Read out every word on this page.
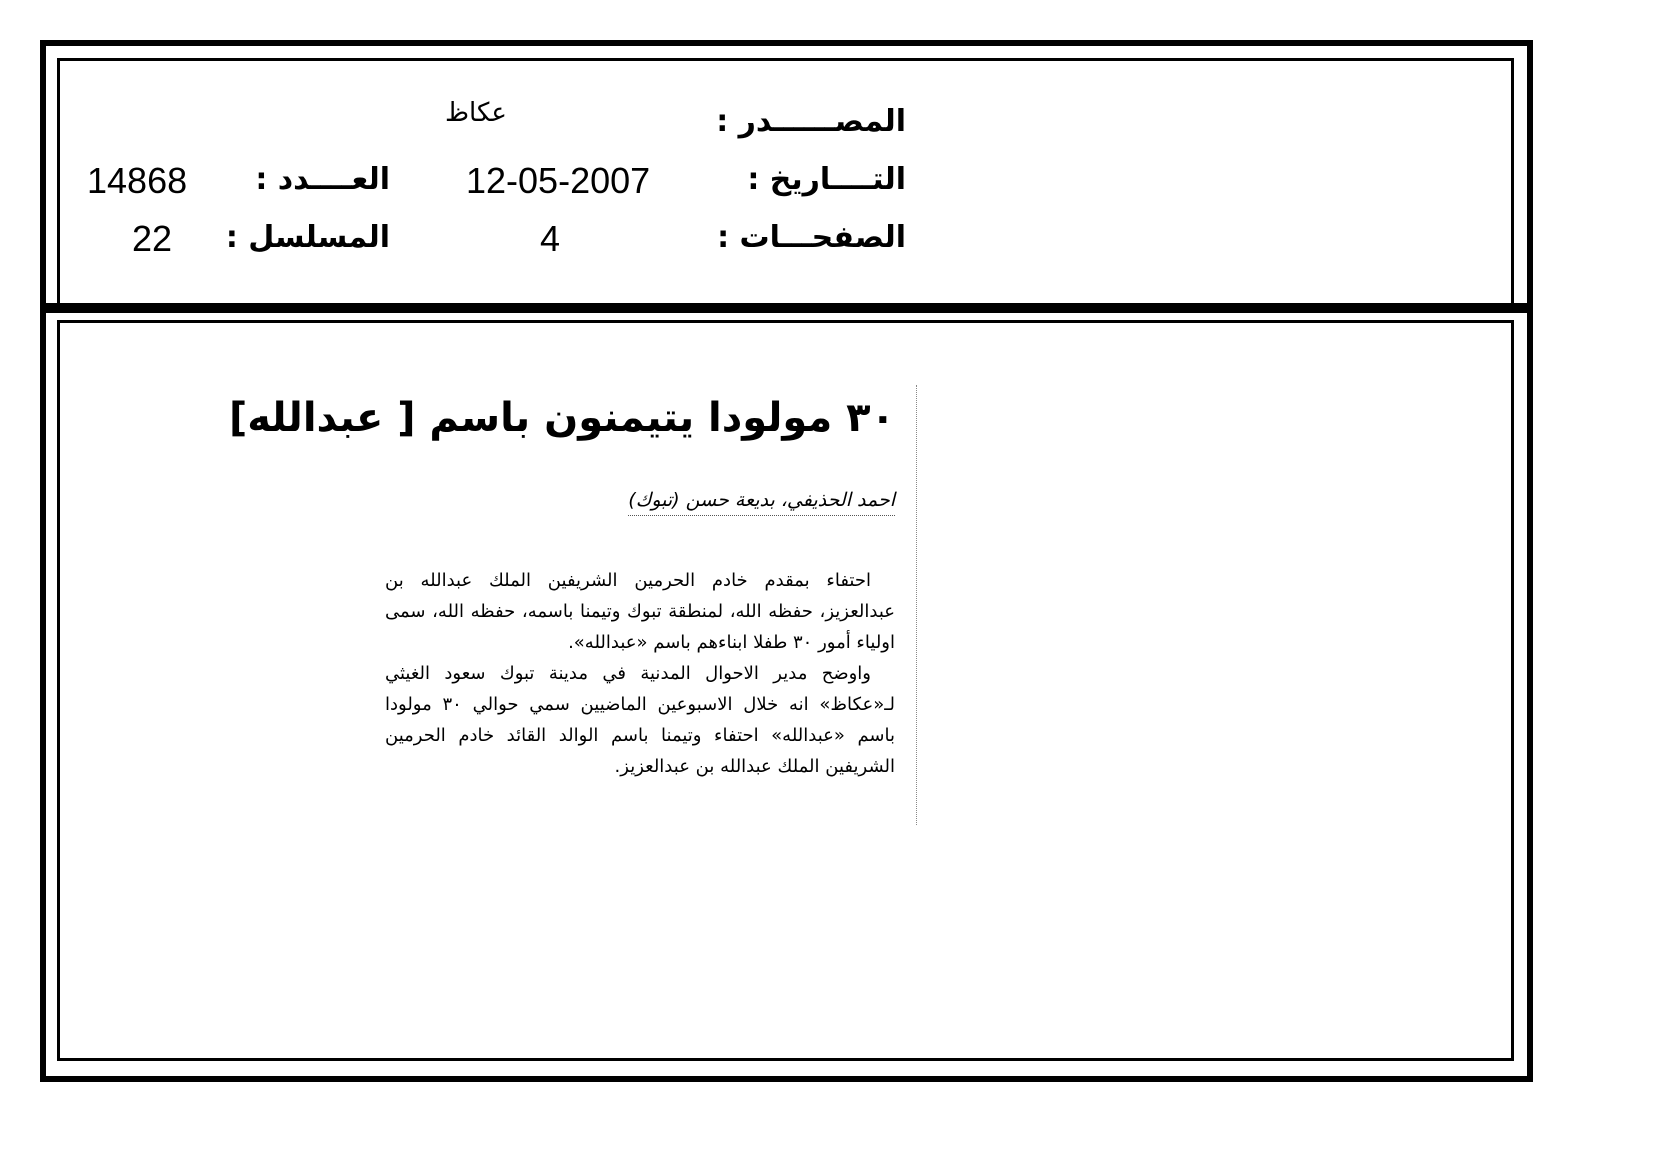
المصــــــدر :
عكاظ
التــــاريخ :
12-05-2007
الصفحـــات :
4
العــــدد :
14868
المسلسل :
22
٣٠ مولودا يتيمنون باسم [ عبدالله]
احمد الحذيفي، بديعة حسن (تبوك)

احتفاء بمقدم خادم الحرمين الشريفين الملك عبدالله بن عبدالعزيز، حفظه الله، لمنطقة تبوك وتيمنا باسمه، حفظه الله، سمى اولياء أمور ٣٠ طفلا ابناءهم باسم «عبدالله».

واوضح مدير الاحوال المدنية في مدينة تبوك سعود الغيثي لـ«عكاظ» انه خلال الاسبوعين الماضيين سمي حوالي ٣٠ مولودا باسم «عبدالله» احتفاء وتيمنا باسم الوالد القائد خادم الحرمين الشريفين الملك عبدالله بن عبدالعزيز.
